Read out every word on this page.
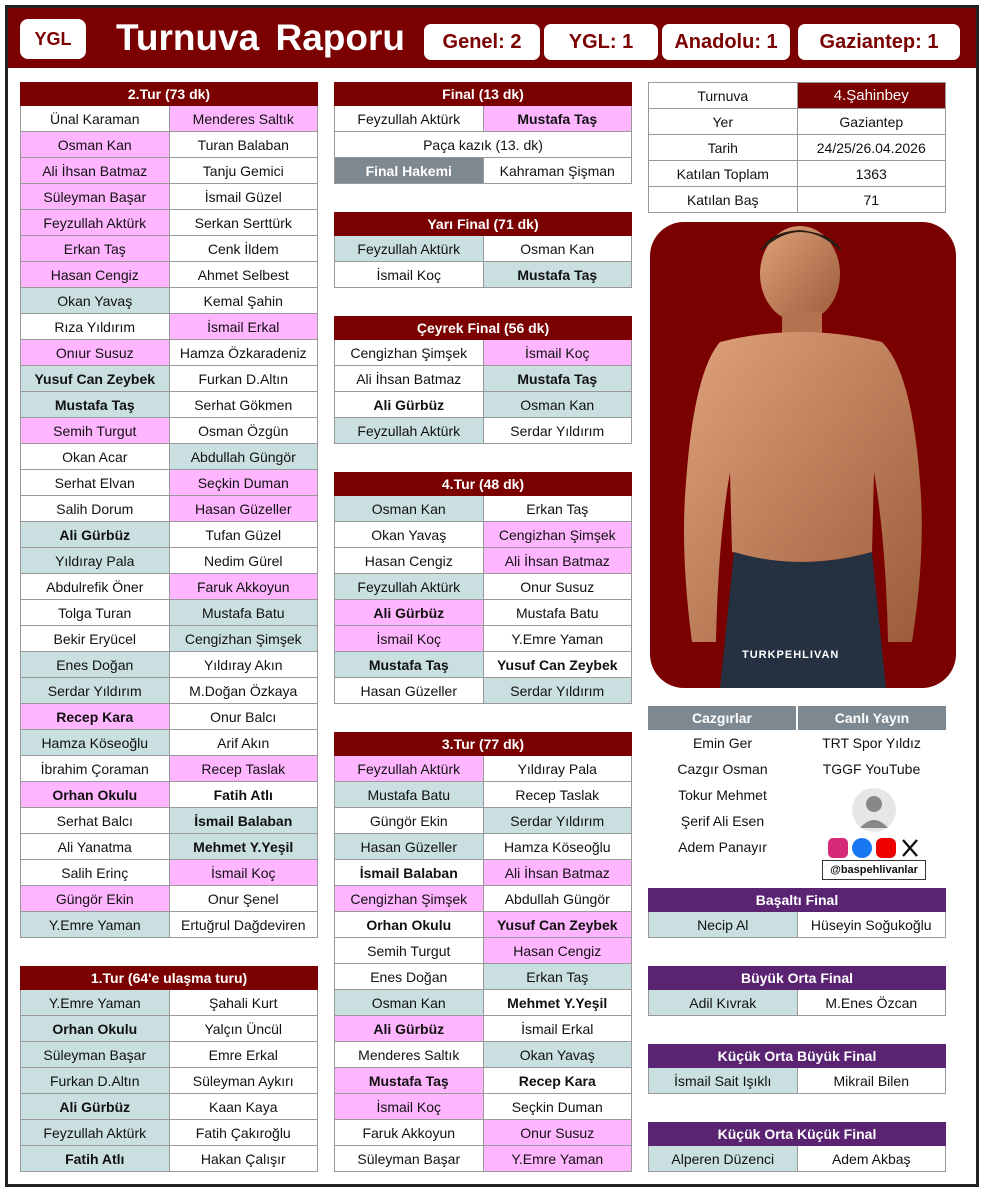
YGL	Turnuva Raporu	Genel: 2	YGL: 1	Anadolu: 1	Gaziantep: 1
2.Tur (73 dk)
Ünal Karaman	Menderes Saltık
Osman Kan	Turan Balaban
Ali İhsan Batmaz	Tanju Gemici
Süleyman Başar	İsmail Güzel
Feyzullah Aktürk	Serkan Serttürk
Erkan Taş	Cenk İldem
Hasan Cengiz	Ahmet Selbest
Okan Yavaş	Kemal Şahin
Rıza Yıldırım	İsmail Erkal
Onıur Susuz	Hamza Özkaradeniz
Yusuf Can Zeybek	Furkan D.Altın
Mustafa Taş	Serhat Gökmen
Semih Turgut	Osman Özgün
Okan Acar	Abdullah Güngör
Serhat Elvan	Seçkin Duman
Salih Dorum	Hasan Güzeller
Ali Gürbüz	Tufan Güzel
Yıldıray Pala	Nedim Gürel
Abdulrefik Öner	Faruk Akkoyun
Tolga Turan	Mustafa Batu
Bekir Eryücel	Cengizhan Şimşek
Enes Doğan	Yıldıray Akın
Serdar Yıldırım	M.Doğan Özkaya
Recep Kara	Onur Balcı
Hamza Köseoğlu	Arif Akın
İbrahim Çoraman	Recep Taslak
Orhan Okulu	Fatih Atlı
Serhat Balcı	İsmail Balaban
Ali Yanatma	Mehmet Y.Yeşil
Salih Erinç	İsmail Koç
Güngör Ekin	Onur Şenel
Y.Emre Yaman	Ertuğrul Dağdeviren
1.Tur (64'e ulaşma turu)
Y.Emre Yaman	Şahali Kurt
Orhan Okulu	Yalçın Üncül
Süleyman Başar	Emre Erkal
Furkan D.Altın	Süleyman Aykırı
Ali Gürbüz	Kaan Kaya
Feyzullah Aktürk	Fatih Çakıroğlu
Fatih Atlı	Hakan Çalışır
Final (13 dk)
Feyzullah Aktürk	Mustafa Taş
Paça kazık (13. dk)
Final Hakemi	Kahraman Şişman
Yarı Final (71 dk)
Feyzullah Aktürk	Osman Kan
İsmail Koç	Mustafa Taş
Çeyrek Final (56 dk)
Cengizhan Şimşek	İsmail Koç
Ali İhsan Batmaz	Mustafa Taş
Ali Gürbüz	Osman Kan
Feyzullah Aktürk	Serdar Yıldırım
4.Tur (48 dk)
Osman Kan	Erkan Taş
Okan Yavaş	Cengizhan Şimşek
Hasan Cengiz	Ali İhsan Batmaz
Feyzullah Aktürk	Onur Susuz
Ali Gürbüz	Mustafa Batu
İsmail Koç	Y.Emre Yaman
Mustafa Taş	Yusuf Can Zeybek
Hasan Güzeller	Serdar Yıldırım
3.Tur (77 dk)
Feyzullah Aktürk	Yıldıray Pala
Mustafa Batu	Recep Taslak
Güngör Ekin	Serdar Yıldırım
Hasan Güzeller	Hamza Köseoğlu
İsmail Balaban	Ali İhsan Batmaz
Cengizhan Şimşek	Abdullah Güngör
Orhan Okulu	Yusuf Can Zeybek
Semih Turgut	Hasan Cengiz
Enes Doğan	Erkan Taş
Osman Kan	Mehmet Y.Yeşil
Ali Gürbüz	İsmail Erkal
Menderes Saltık	Okan Yavaş
Mustafa Taş	Recep Kara
İsmail Koç	Seçkin Duman
Faruk Akkoyun	Onur Susuz
Süleyman Başar	Y.Emre Yaman
Turnuva	4.Şahinbey
Yer	Gaziantep
Tarih	24/25/26.04.2026
Katılan Toplam	1363
Katılan Baş	71
TURKPEHLIVAN
Cazgırlar	Canlı Yayın
Emin Ger	TRT Spor Yıldız
Cazgır Osman	TGGF YouTube
Tokur Mehmet
Şerif Ali Esen
Adem Panayır
@baspehlivanlar
Başaltı Final
Necip Al	Hüseyin Soğukoğlu
Büyük Orta Final
Adil Kıvrak	M.Enes Özcan
Küçük Orta Büyük Final
İsmail Sait Işıklı	Mikrail Bilen
Küçük Orta Küçük Final
Alperen Düzenci	Adem Akbaş
